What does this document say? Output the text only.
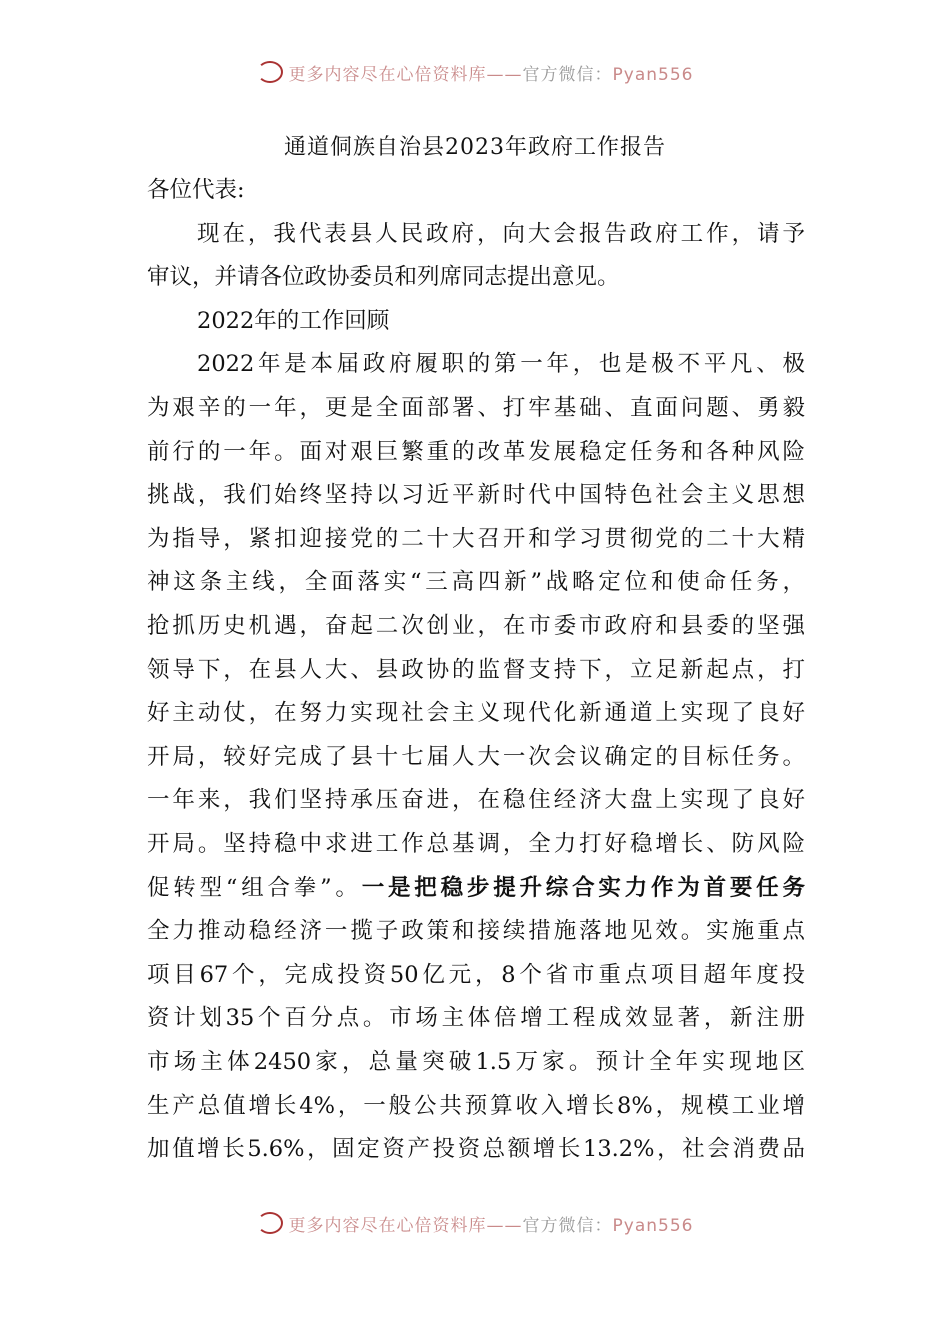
更多内容尽在心倍资料库——官方微信：Pyan556
通道侗族自治县2023年政府工作报告
各位代表:
现在，我代表县人民政府，向大会报告政府工作，请予
审议，并请各位政协委员和列席同志提出意见。
2022年的工作回顾
2022年是本届政府履职的第一年，也是极不平凡、极
为艰辛的一年，更是全面部署、打牢基础、直面问题、勇毅
前行的一年。面对艰巨繁重的改革发展稳定任务和各种风险
挑战，我们始终坚持以习近平新时代中国特色社会主义思想
为指导，紧扣迎接党的二十大召开和学习贯彻党的二十大精
神这条主线，全面落实“三高四新”战略定位和使命任务，
抢抓历史机遇，奋起二次创业，在市委市政府和县委的坚强
领导下，在县人大、县政协的监督支持下，立足新起点，打
好主动仗，在努力实现社会主义现代化新通道上实现了良好
开局，较好完成了县十七届人大一次会议确定的目标任务。
一年来，我们坚持承压奋进，在稳住经济大盘上实现了良好
开局。坚持稳中求进工作总基调，全力打好稳增长、防风险
促转型“组合拳”。一是把稳步提升综合实力作为首要任务
全力推动稳经济一揽子政策和接续措施落地见效。实施重点
项目67个，完成投资50亿元，8个省市重点项目超年度投
资计划35个百分点。市场主体倍增工程成效显著，新注册
市场主体2450家，总量突破1.5万家。预计全年实现地区
生产总值增长4%，一般公共预算收入增长8%，规模工业增
加值增长5.6%，固定资产投资总额增长13.2%，社会消费品
更多内容尽在心倍资料库——官方微信：Pyan556
